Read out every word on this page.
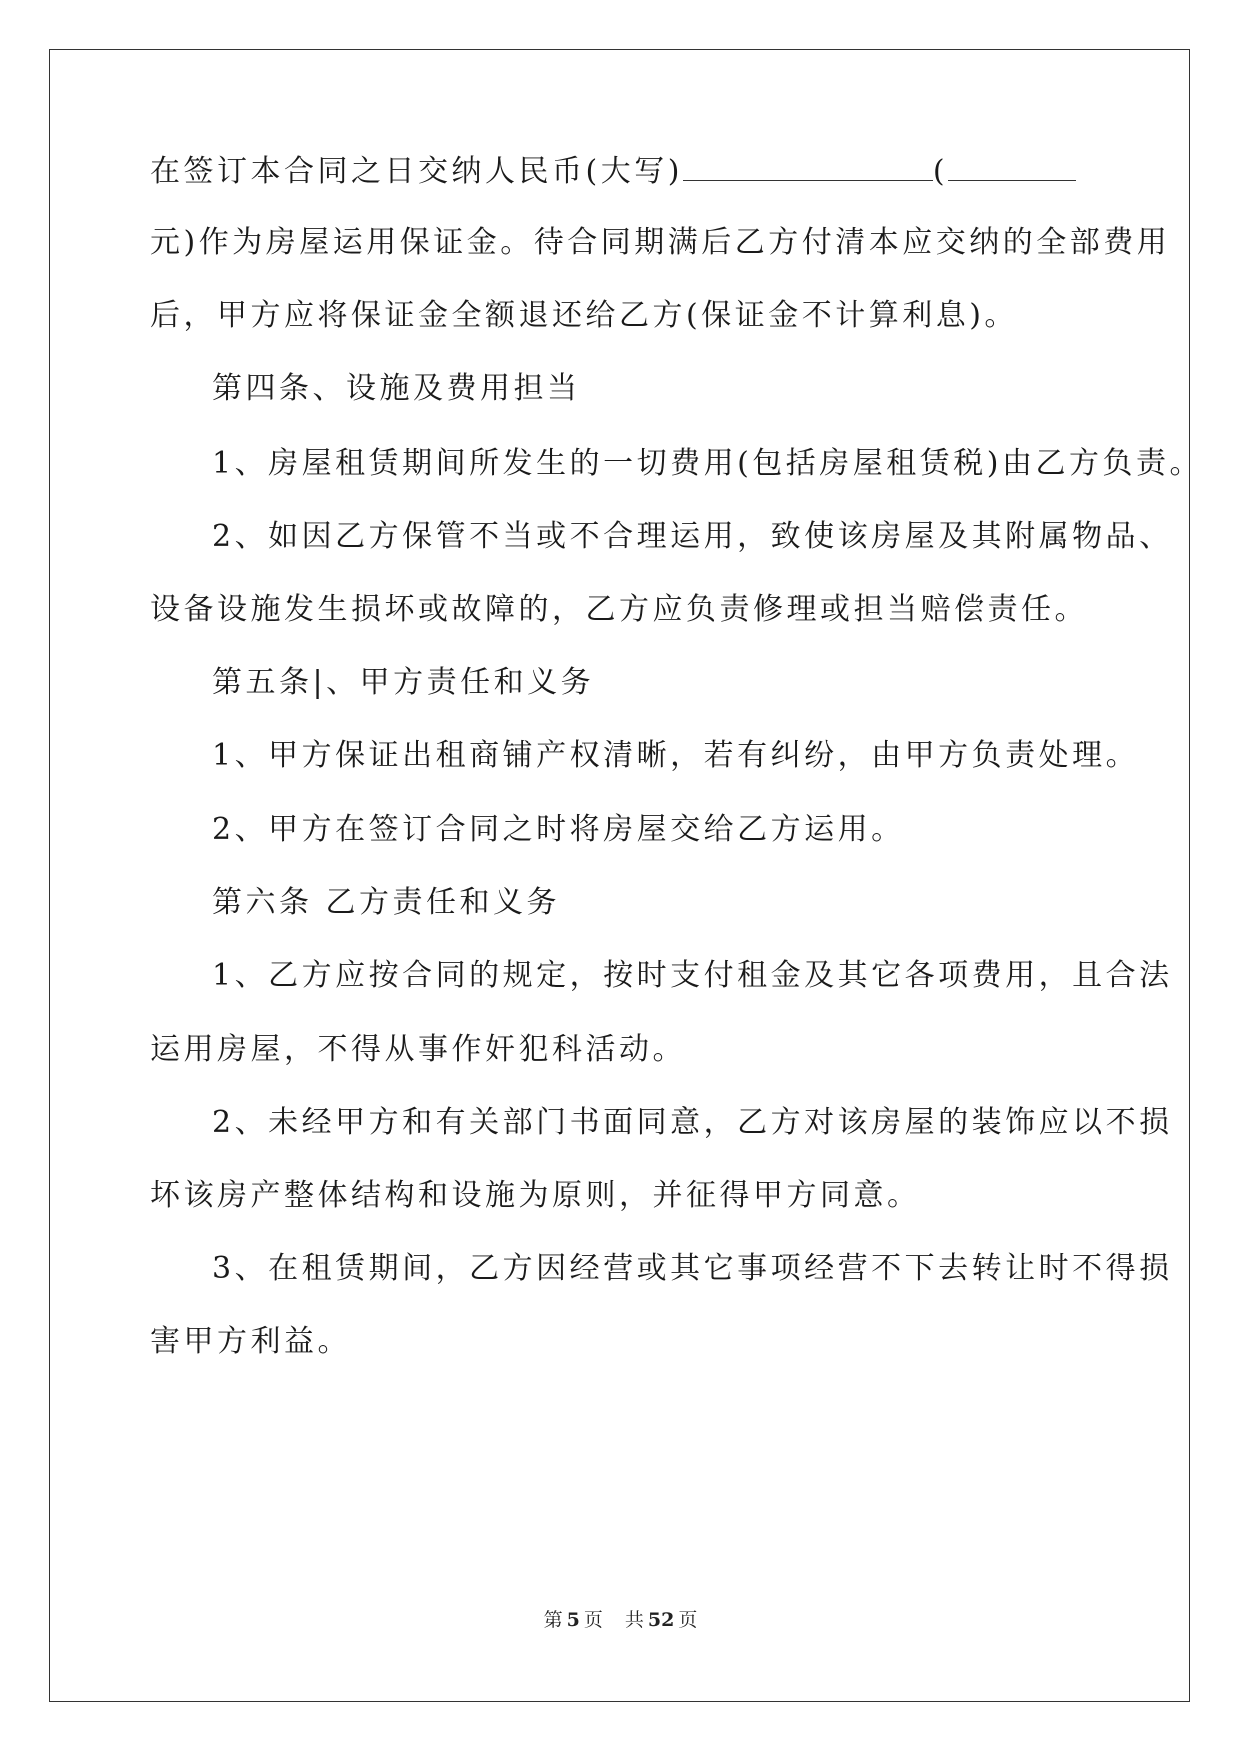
在签订本合同之日交纳人民币(大写)	(
元)作为房屋运用保证金。待合同期满后乙方付清本应交纳的全部费用
后，甲方应将保证金全额退还给乙方(保证金不计算利息)。
第四条、设施及费用担当
1、房屋租赁期间所发生的一切费用(包括房屋租赁税)由乙方负责。
2、如因乙方保管不当或不合理运用，致使该房屋及其附属物品、
设备设施发生损坏或故障的，乙方应负责修理或担当赔偿责任。
第五条|、甲方责任和义务
1、甲方保证出租商铺产权清晰，若有纠纷，由甲方负责处理。
2、甲方在签订合同之时将房屋交给乙方运用。
第六条 乙方责任和义务
1、乙方应按合同的规定，按时支付租金及其它各项费用，且合法
运用房屋，不得从事作奸犯科活动。
2、未经甲方和有关部门书面同意，乙方对该房屋的装饰应以不损
坏该房产整体结构和设施为原则，并征得甲方同意。
3、在租赁期间，乙方因经营或其它事项经营不下去转让时不得损
害甲方利益。
第 5 页 共 52 页
